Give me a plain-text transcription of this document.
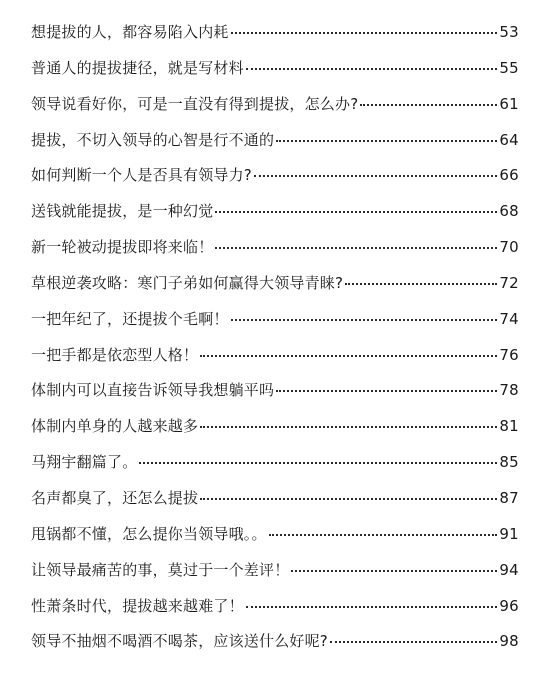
想提拔的人，都容易陷入内耗	53
普通人的提拔捷径，就是写材料	55
领导说看好你，可是一直没有得到提拔，怎么办?	61
提拔，不切入领导的心智是行不通的	64
如何判断一个人是否具有领导力?	66
送钱就能提拔，是一种幻觉	68
新一轮被动提拔即将来临！	70
草根逆袭攻略：寒门子弟如何赢得大领导青睐?	72
一把年纪了，还提拔个毛啊！	74
一把手都是依恋型人格！	76
体制内可以直接告诉领导我想躺平吗	78
体制内单身的人越来越多	81
马翔宇翻篇了。	85
名声都臭了，还怎么提拔	87
甩锅都不懂，怎么提你当领导哦。。	91
让领导最痛苦的事，莫过于一个差评！	94
性萧条时代，提拔越来越难了！	96
领导不抽烟不喝酒不喝茶，应该送什么好呢?	98
